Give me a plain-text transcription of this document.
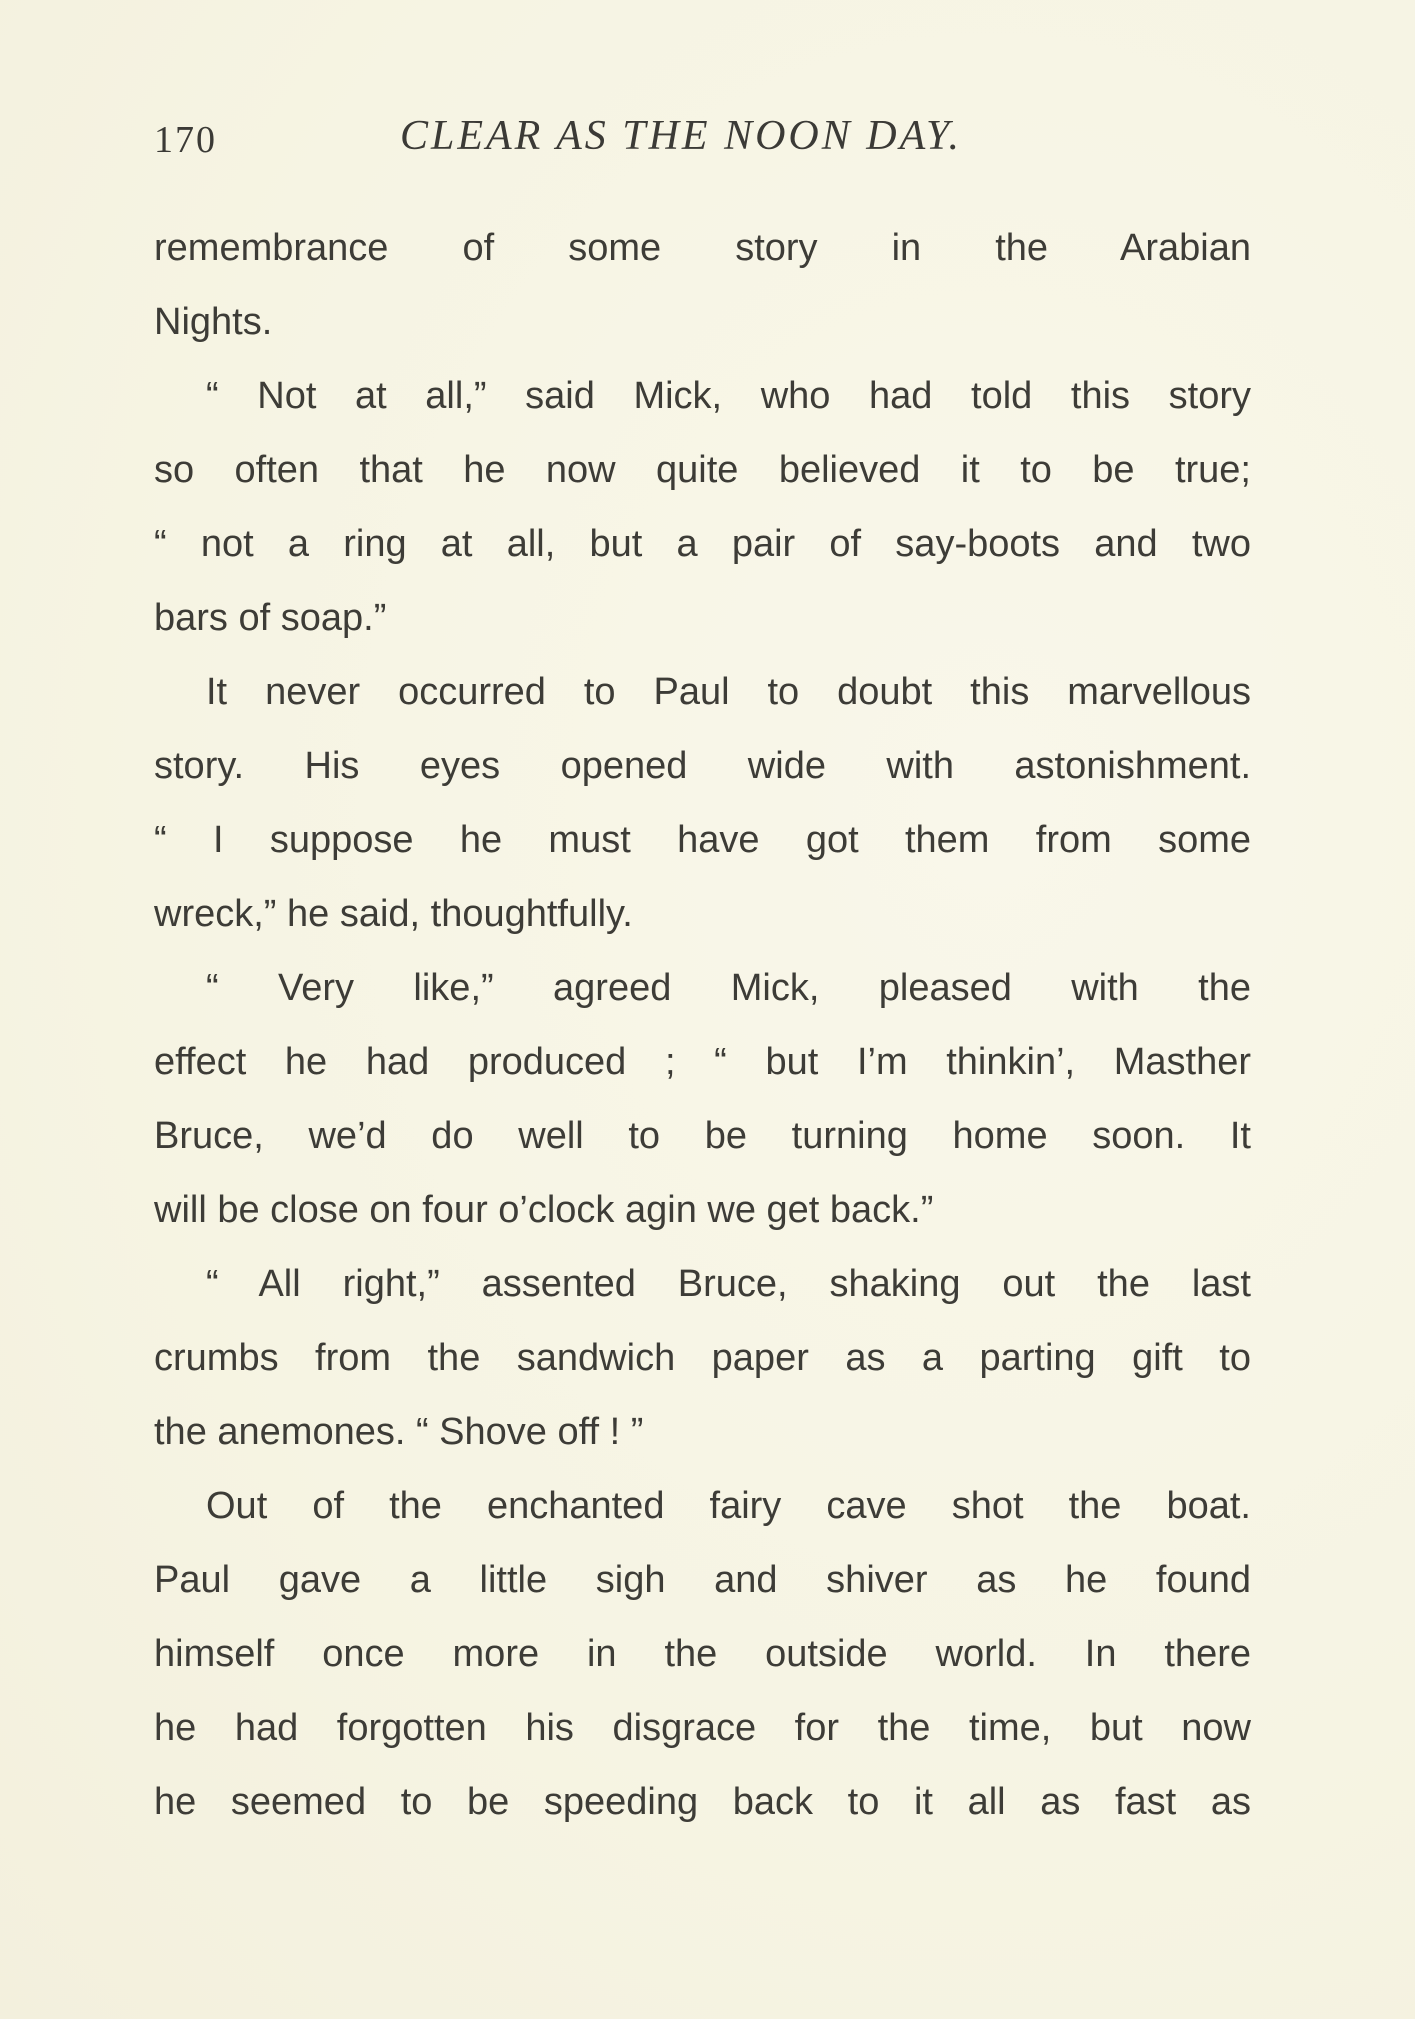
170	CLEAR AS THE NOON DAY.
remembrance of some story in the Arabian
Nights.
“ Not at all,” said Mick, who had told this story
so often that he now quite believed it to be true;
“ not a ring at all, but a pair of say-boots and two
bars of soap.”
It never occurred to Paul to doubt this marvellous
story. His eyes opened wide with astonishment.
“ I suppose he must have got them from some
wreck,” he said, thoughtfully.
“ Very like,” agreed Mick, pleased with the
effect he had produced ; “ but I’m thinkin’, Masther
Bruce, we’d do well to be turning home soon. It
will be close on four o’clock agin we get back.”
“ All right,” assented Bruce, shaking out the last
crumbs from the sandwich paper as a parting gift to
the anemones. “ Shove off ! ”
Out of the enchanted fairy cave shot the boat.
Paul gave a little sigh and shiver as he found
himself once more in the outside world. In there
he had forgotten his disgrace for the time, but now
he seemed to be speeding back to it all as fast as
